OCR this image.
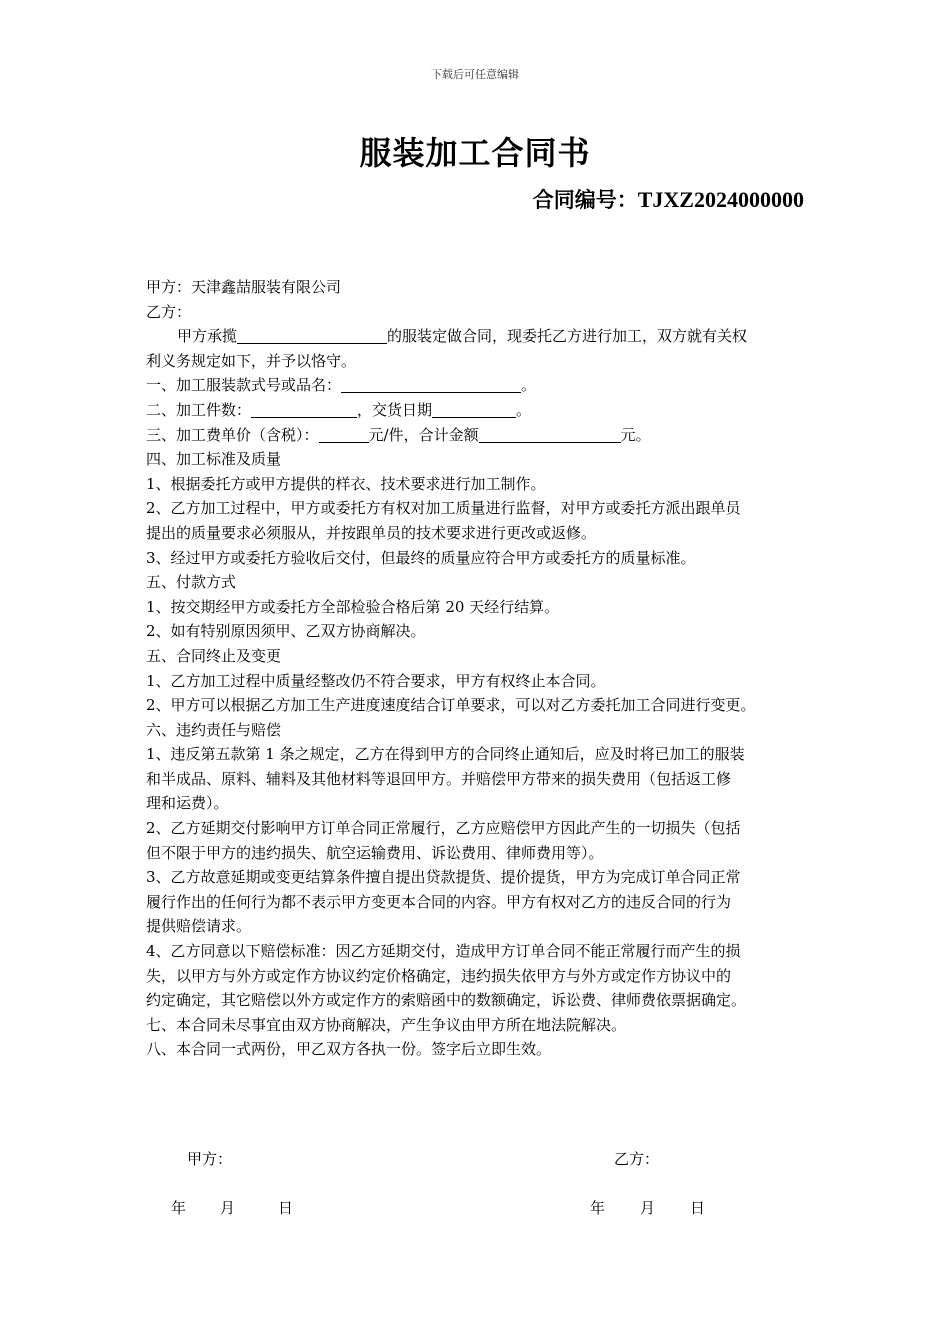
下载后可任意编辑
服装加工合同书
合同编号：TJXZ2024000000
甲方：天津鑫喆服装有限公司
乙方：
甲方承揽	的服装定做合同，现委托乙方进行加工，双方就有关权
利义务规定如下，并予以恪守。
一、加工服装款式号或品名：	。
二、加工件数：	，交货日期	。
三、加工费单价（含税）：	元/件，合计金额	元。
四、加工标准及质量
1、根据委托方或甲方提供的样衣、技术要求进行加工制作。
2、乙方加工过程中，甲方或委托方有权对加工质量进行监督，对甲方或委托方派出跟单员
提出的质量要求必须服从，并按跟单员的技术要求进行更改或返修。
3、经过甲方或委托方验收后交付，但最终的质量应符合甲方或委托方的质量标准。
五、付款方式
1、按交期经甲方或委托方全部检验合格后第 20 天经行结算。
2、如有特别原因须甲、乙双方协商解决。
五、合同终止及变更
1、乙方加工过程中质量经整改仍不符合要求，甲方有权终止本合同。
2、甲方可以根据乙方加工生产进度速度结合订单要求，可以对乙方委托加工合同进行变更。
六、违约责任与赔偿
1、违反第五款第 1 条之规定，乙方在得到甲方的合同终止通知后，应及时将已加工的服装
和半成品、原料、辅料及其他材料等退回甲方。并赔偿甲方带来的损失费用（包括返工修
理和运费）。
2、乙方延期交付影响甲方订单合同正常履行，乙方应赔偿甲方因此产生的一切损失（包括
但不限于甲方的违约损失、航空运输费用、诉讼费用、律师费用等）。
3、乙方故意延期或变更结算条件擅自提出贷款提货、提价提货，甲方为完成订单合同正常
履行作出的任何行为都不表示甲方变更本合同的内容。甲方有权对乙方的违反合同的行为
提供赔偿请求。
4、乙方同意以下赔偿标准：因乙方延期交付，造成甲方订单合同不能正常履行而产生的损
失，以甲方与外方或定作方协议约定价格确定，违约损失依甲方与外方或定作方协议中的
约定确定，其它赔偿以外方或定作方的索赔函中的数额确定，诉讼费、律师费依票据确定。
七、本合同未尽事宜由双方协商解决，产生争议由甲方所在地法院解决。
八、本合同一式两份，甲乙双方各执一份。签字后立即生效。
甲方：	乙方：
年 月	日	年 月 日
